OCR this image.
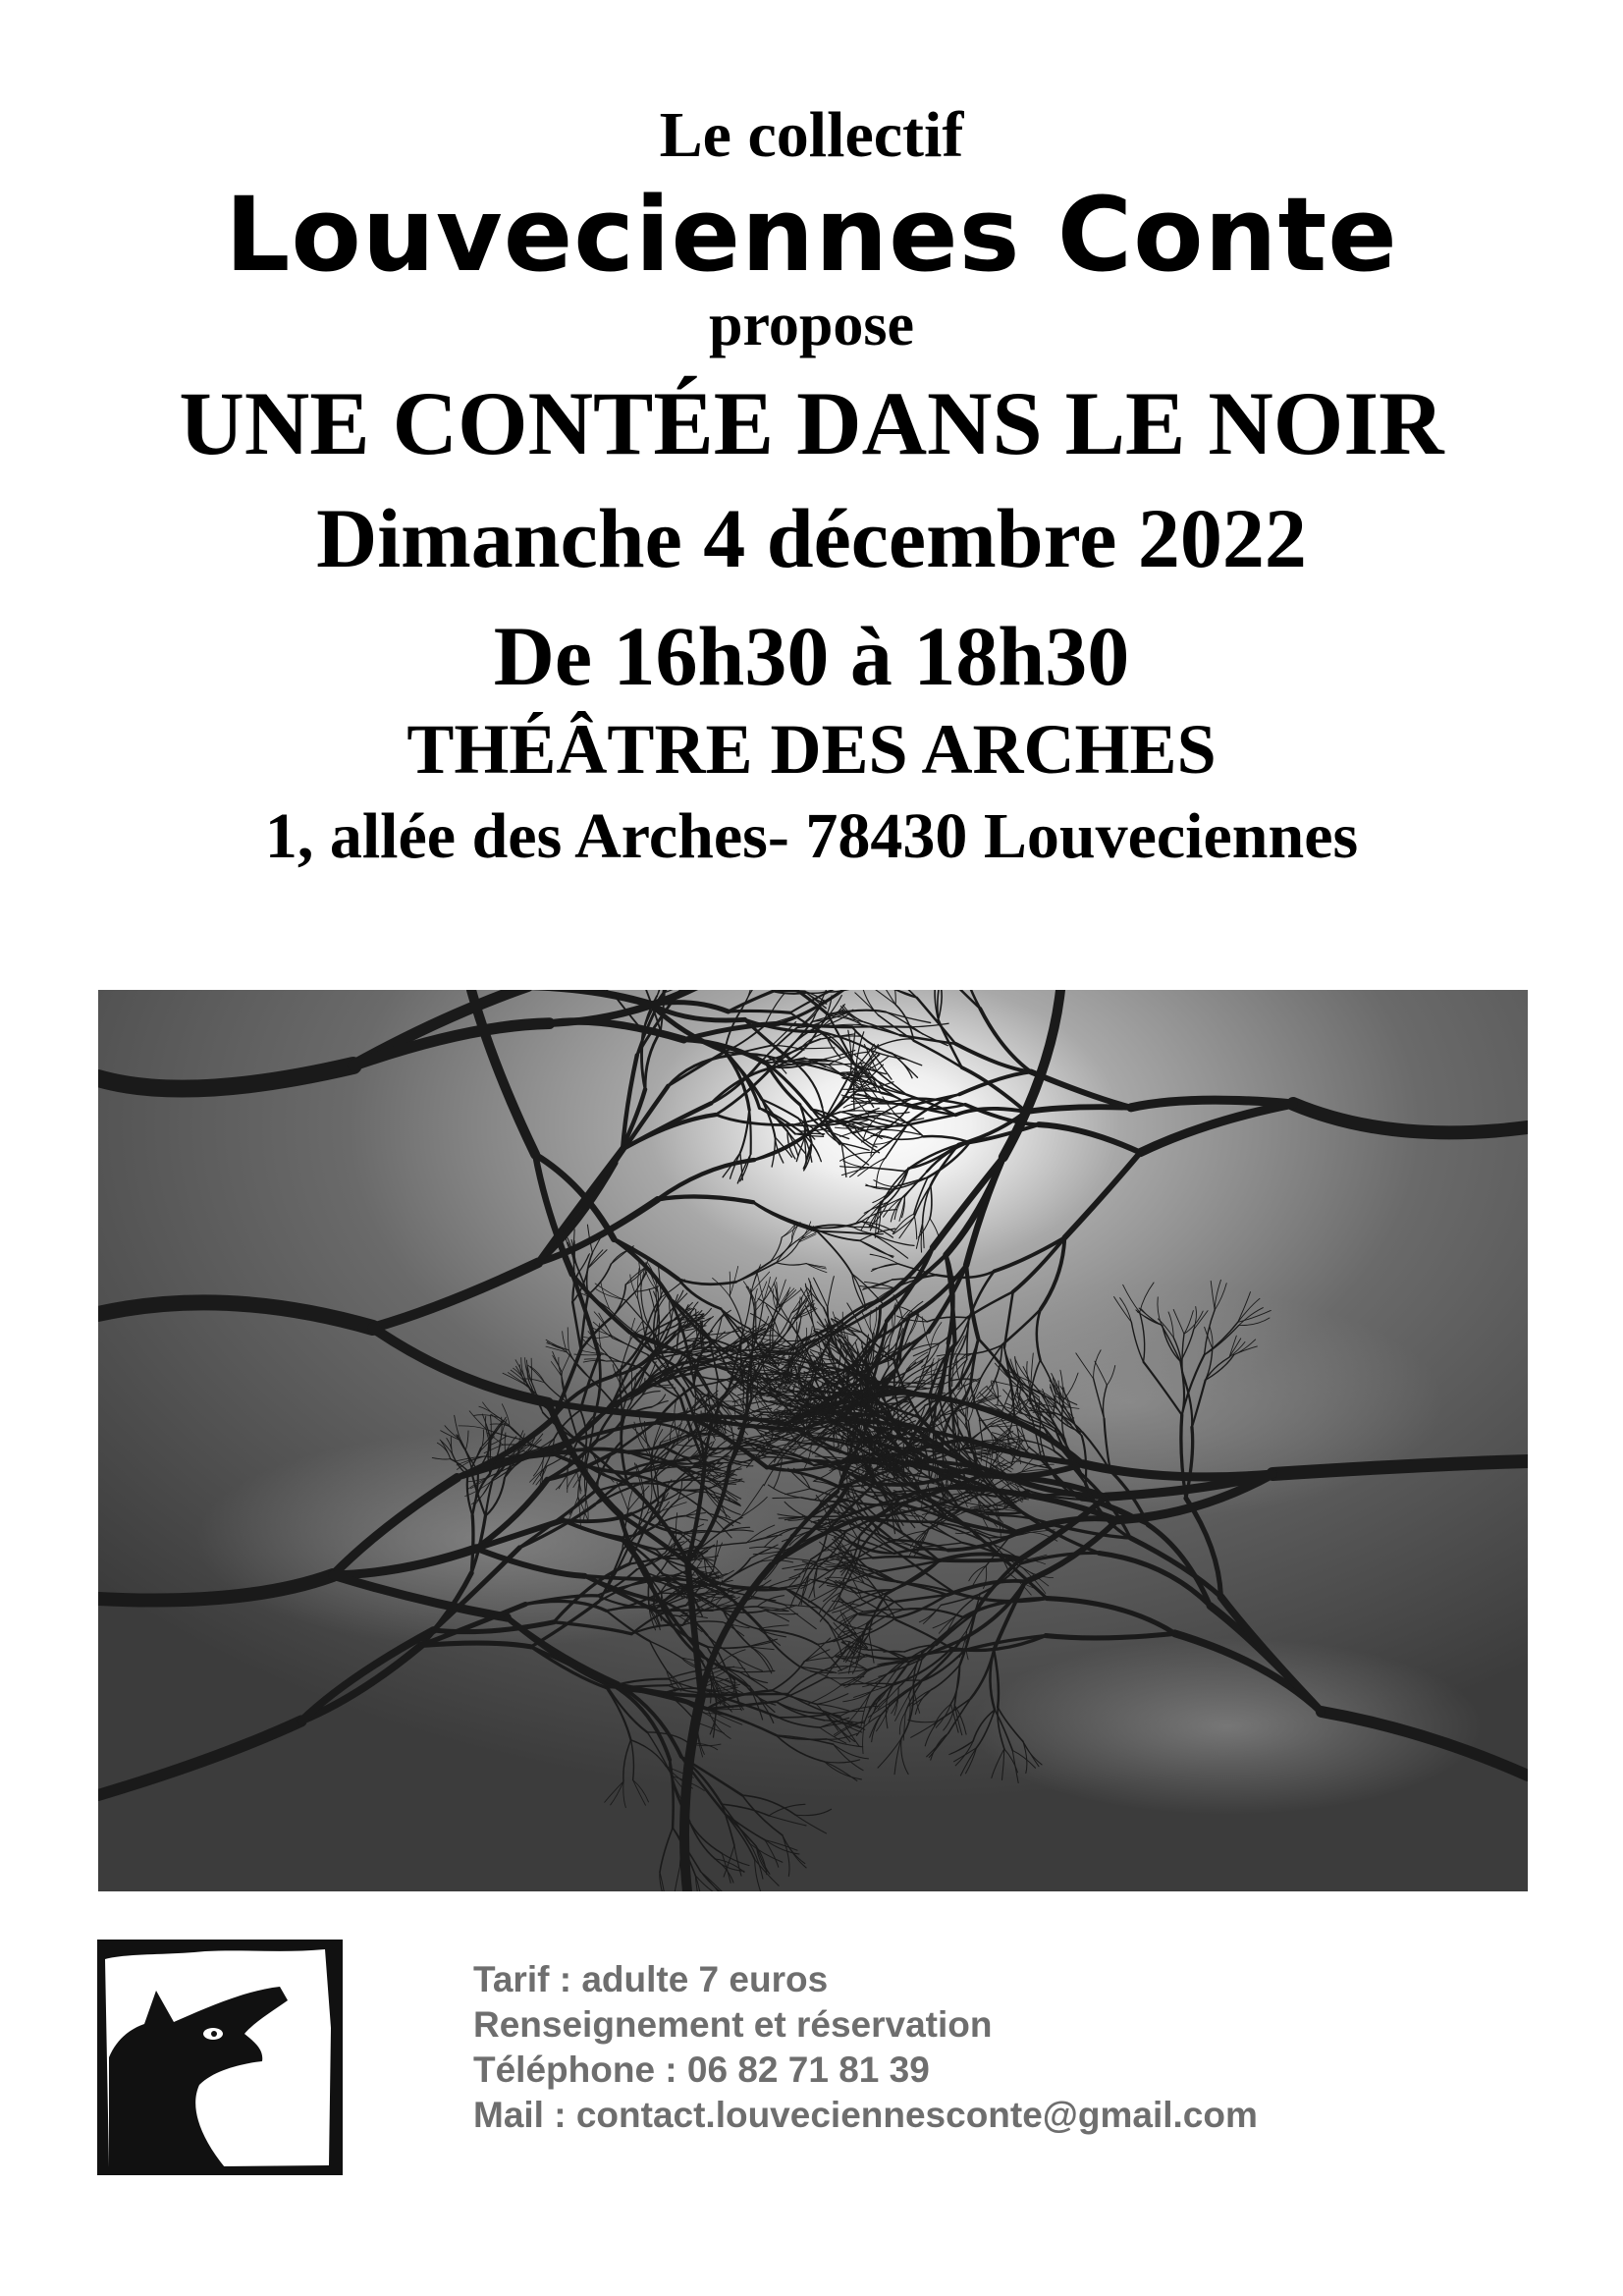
Le collectif
Louveciennes Conte
propose
UNE CONTÉE DANS LE NOIR
Dimanche 4 décembre 2022
De 16h30 à 18h30
THÉÂTRE DES ARCHES
1, allée des Arches- 78430 Louveciennes
Tarif : adulte 7 euros
Renseignement et réservation
Téléphone : 06 82 71 81 39
Mail : contact.louveciennesconte@gmail.com
